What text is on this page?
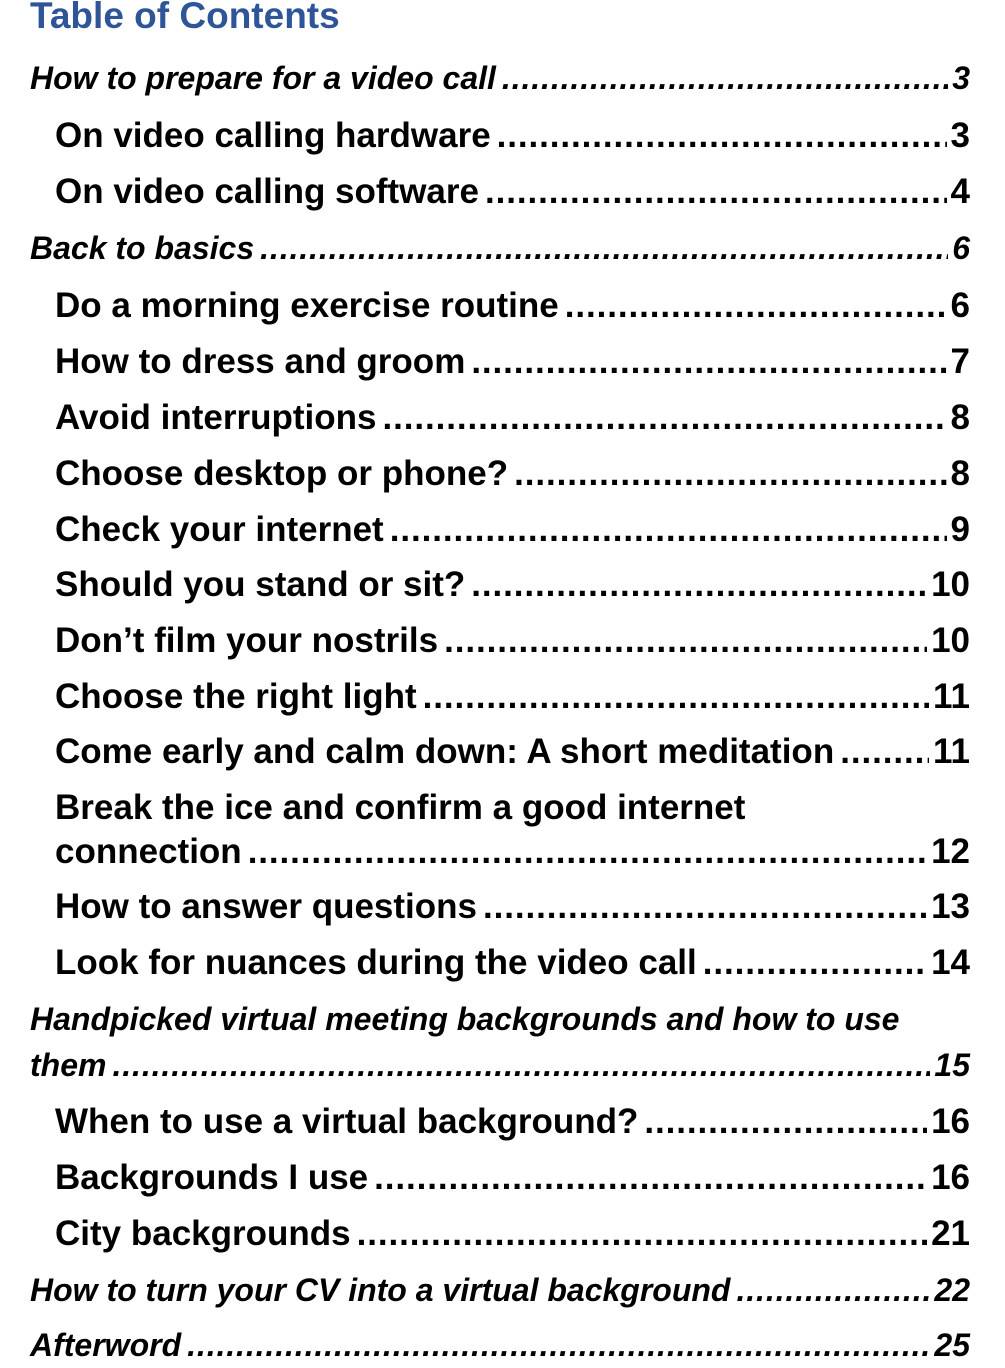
Table of Contents
How to prepare for a video call .....	3
On video calling hardware .....	3
On video calling software .....	4
Back to basics .....	6
Do a morning exercise routine .....	6
How to dress and groom .....	7
Avoid interruptions .....	8
Choose desktop or phone? .....	8
Check your internet .....	9
Should you stand or sit? .....	10
Don’t film your nostrils .....	10
Choose the right light .....	11
Come early and calm down: A short meditation .....	11
Break the ice and confirm a good internet
connection .....	12
How to answer questions .....	13
Look for nuances during the video call .....	14
Handpicked virtual meeting backgrounds and how to use
them .....	15
When to use a virtual background? .....	16
Backgrounds I use .....	16
City backgrounds .....	21
How to turn your CV into a virtual background .....	22
Afterword .....	25
